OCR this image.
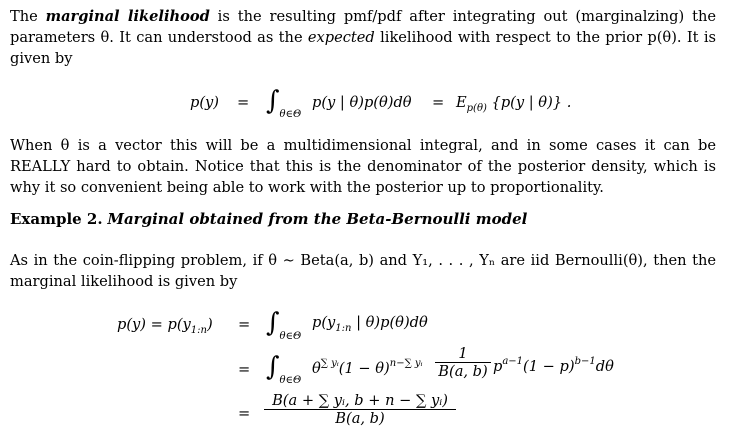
The marginal likelihood is the resulting pmf/pdf after integrating out (marginalzing) the parameters θ. It can understood as the expected likelihood with respect to the prior p(θ). It is given by
$p(y) = \int_{\theta\in\Theta}$
p(y | $\theta)p(\theta)d\theta = E_{p(\theta)}$ {p(y | θ)} .
When θ is a vector this will be a multidimensional integral, and in some cases it can be REALLY hard to obtain. Notice that this is the denominator of the posterior density, which is why it so convenient being able to work with the posterior up to proportionality.
Example 2. Marginal obtained from the Beta-Bernoulli model
As in the coin-flipping problem, if θ ∼ Beta(a, b) and Y₁, . . . , Yₙ are iid Bernoulli(θ), then the marginal likelihood is given by
$p(y) = p(y_{1:n}) = \int_{\theta\in\Theta}$
$p(y_{1:n}$ | θ)p(θ)dθ
= $\int_{\theta\in\Theta}$
$\theta^{\sum yᵢ}(1 - \theta)^{n-\sum yᵢ}$
1
B(a, b) $p^{a-1}(1 - p)^{b-1}d\theta$
=
B(a + ∑ yᵢ, b + n − ∑ yᵢ)
B(a, b)
